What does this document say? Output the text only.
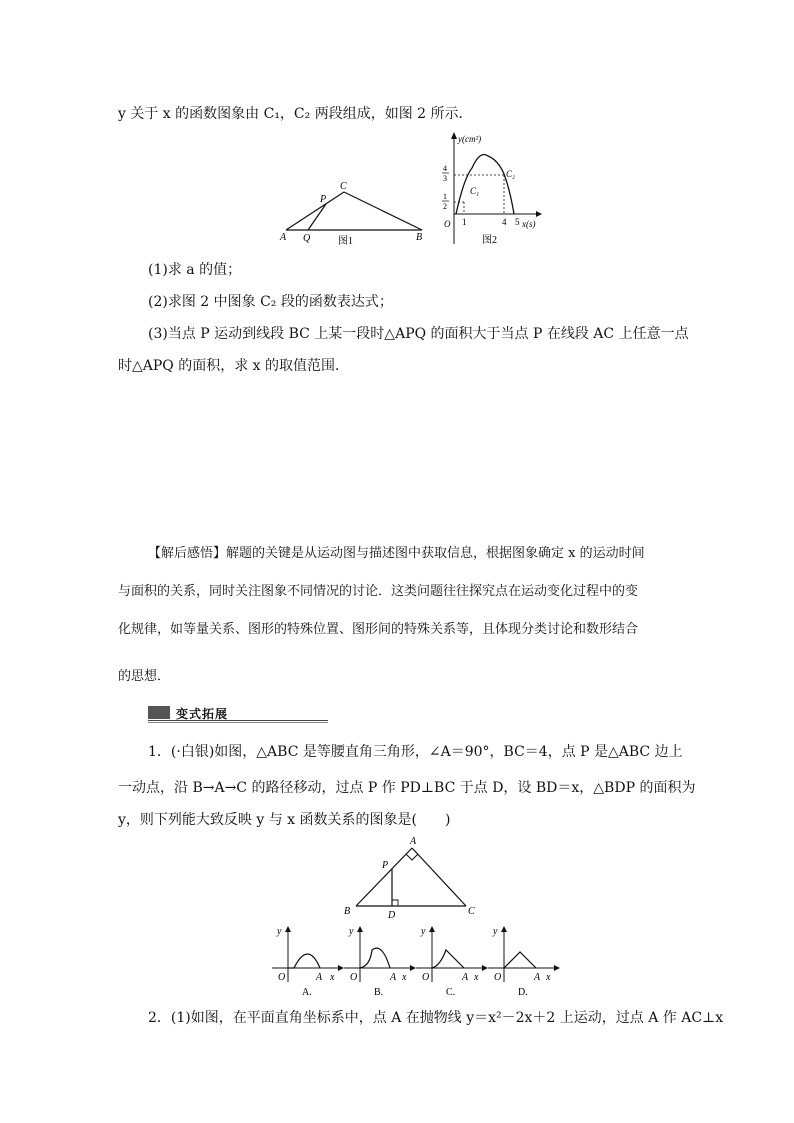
y 关于 x 的函数图象由 C₁，C₂ 两段组成，如图 2 所示．
A Q
P
C
B
图1
y(cm²)
x(s)
O
4
3
1
2
1	4 5
C₁
C₂
图2
(1)求 a 的值；
(2)求图 2 中图象 C₂ 段的函数表达式；
(3)当点 P 运动到线段 BC 上某一段时△APQ 的面积大于当点 P 在线段 AC 上任意一点
时△APQ 的面积，求 x 的取值范围．
【解后感悟】解题的关键是从运动图与描述图中获取信息，根据图象确定 x 的运动时间
与面积的关系，同时关注图象不同情况的讨论．这类问题往往探究点在运动变化过程中的变
化规律，如等量关系、图形的特殊位置、图形间的特殊关系等，且体现分类讨论和数形结合
的思想．
变式拓展
1．(·白银)如图，△ABC 是等腰直角三角形，∠A＝90°，BC＝4，点 P 是△ABC 边上
一动点，沿 B→A→C 的路径移动，过点 P 作 PD⊥BC 于点 D，设 BD＝x，△BDP 的面积为
y，则下列能大致反映 y 与 x 函数关系的图象是(　　)
A
B	C
D
P
y
O	A x
A.
y
O	A x
B.
y
O	A x
C.
y
O	A x
D.
2．(1)如图，在平面直角坐标系中，点 A 在抛物线 y＝x²－2x＋2 上运动，过点 A 作 AC⊥x
